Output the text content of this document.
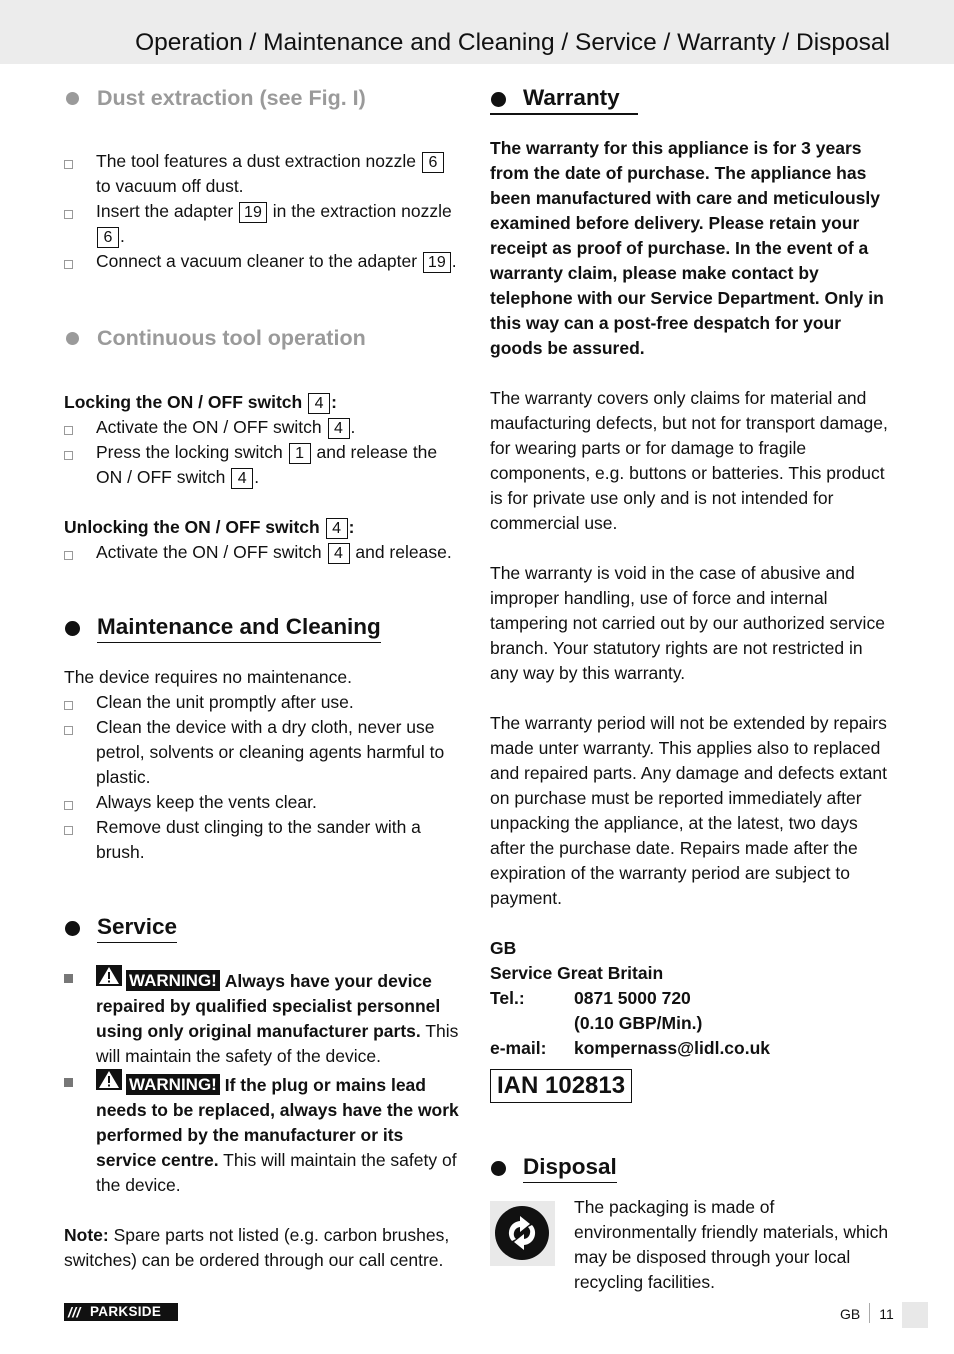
Operation / Maintenance and Cleaning / Service / Warranty / Disposal
Dust extraction (see Fig. I)
The tool features a dust extraction nozzle 6
to vacuum off dust.
Insert the adapter 19 in the extraction nozzle 6 .
Connect a vacuum cleaner to the adapter 19 .
Continuous tool operation
Locking the ON / OFF switch 4 :
Activate the ON / OFF switch 4 .
Press the locking switch 1 and release the
ON / OFF switch 4 .
Unlocking the ON / OFF switch 4 :
Activate the ON / OFF switch 4 and release.
Maintenance and Cleaning
The device requires no maintenance.
Clean the unit promptly after use.
Clean the device with a dry cloth, never use petrol, solvents or cleaning agents harmful to plastic.
Always keep the vents clear.
Remove dust clinging to the sander with a brush.
Service
WARNING! Always have your device repaired by qualified specialist personnel using only original manufacturer parts. This will maintain the safety of the device.
WARNING! If the plug or mains lead needs to be replaced, always have the work performed by the manufacturer or its service centre. This will maintain the safety of the device.
Note: Spare parts not listed (e.g. carbon brushes, switches) can be ordered through our call centre.
Warranty
The warranty for this appliance is for 3 years from the date of purchase. The appliance has been manufactured with care and meticulously examined before delivery. Please retain your receipt as proof of purchase. In the event of a warranty claim, please make contact by telephone with our Service Department. Only in this way can a post-free despatch for your goods be assured.
The warranty covers only claims for material and maufacturing defects, but not for transport damage, for wearing parts or for damage to fragile components, e.g. buttons or batteries. This product is for private use only and is not intended for commercial use.
The warranty is void in the case of abusive and improper handling, use of force and internal tampering not carried out by our authorized service branch. Your statutory rights are not restricted in any way by this warranty.
The warranty period will not be extended by repairs made unter warranty. This applies also to replaced and repaired parts. Any damage and defects extant on purchase must be reported immediately after unpacking the appliance, at the latest, two days after the purchase date. Repairs made after the expiration of the warranty period are subject to payment.
GB
Service Great Britain
Tel.:	0871 5000 720
(0.10 GBP/Min.)
e-mail:	kompernass@lidl.co.uk
IAN 102813
Disposal
The packaging is made of environmentally friendly materials, which may be disposed through your local recycling facilities.
/// PARKSIDE	GB 11
